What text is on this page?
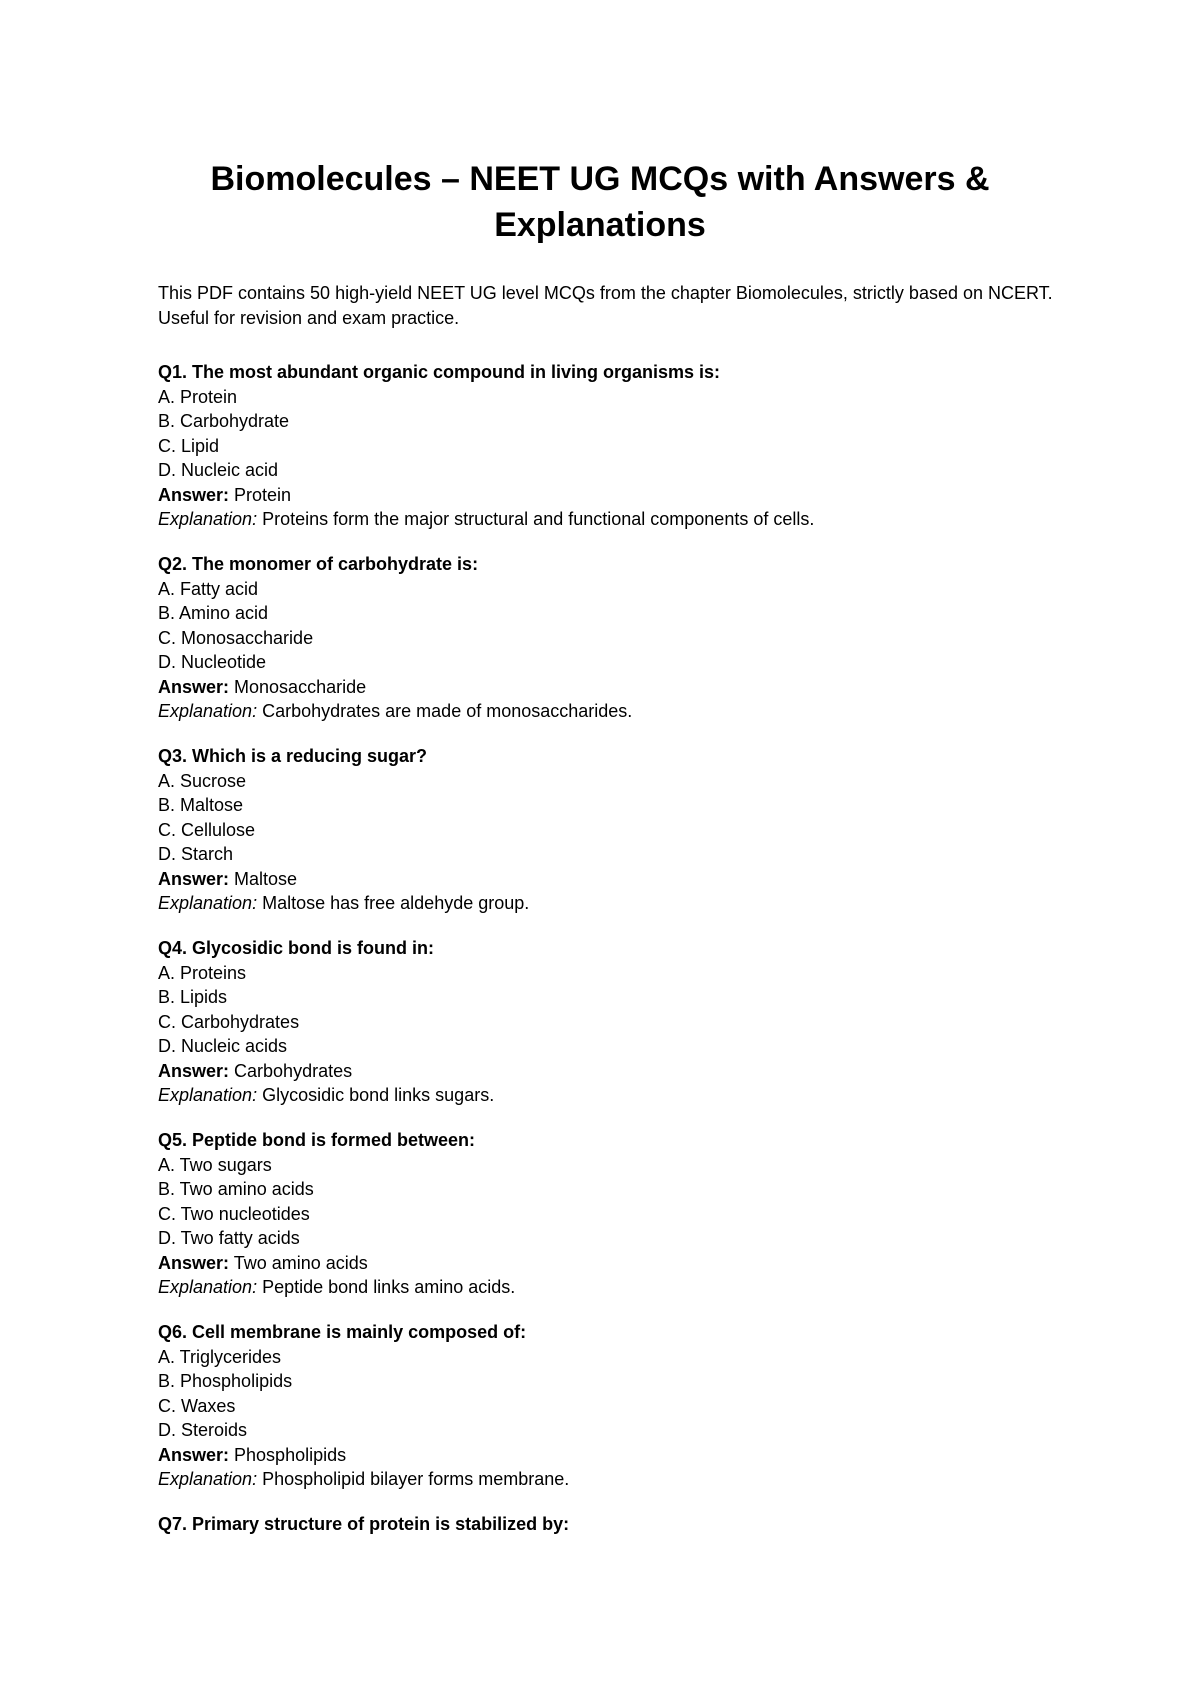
Biomolecules – NEET UG MCQs with Answers & Explanations

This PDF contains 50 high-yield NEET UG level MCQs from the chapter Biomolecules, strictly based on NCERT. Useful for revision and exam practice.

Q1. The most abundant organic compound in living organisms is:
A. Protein
B. Carbohydrate
C. Lipid
D. Nucleic acid
Answer: Protein
Explanation: Proteins form the major structural and functional components of cells.
Q2. The monomer of carbohydrate is:
A. Fatty acid
B. Amino acid
C. Monosaccharide
D. Nucleotide
Answer: Monosaccharide
Explanation: Carbohydrates are made of monosaccharides.
Q3. Which is a reducing sugar?
A. Sucrose
B. Maltose
C. Cellulose
D. Starch
Answer: Maltose
Explanation: Maltose has free aldehyde group.
Q4. Glycosidic bond is found in:
A. Proteins
B. Lipids
C. Carbohydrates
D. Nucleic acids
Answer: Carbohydrates
Explanation: Glycosidic bond links sugars.
Q5. Peptide bond is formed between:
A. Two sugars
B. Two amino acids
C. Two nucleotides
D. Two fatty acids
Answer: Two amino acids
Explanation: Peptide bond links amino acids.
Q6. Cell membrane is mainly composed of:
A. Triglycerides
B. Phospholipids
C. Waxes
D. Steroids
Answer: Phospholipids
Explanation: Phospholipid bilayer forms membrane.
Q7. Primary structure of protein is stabilized by:
